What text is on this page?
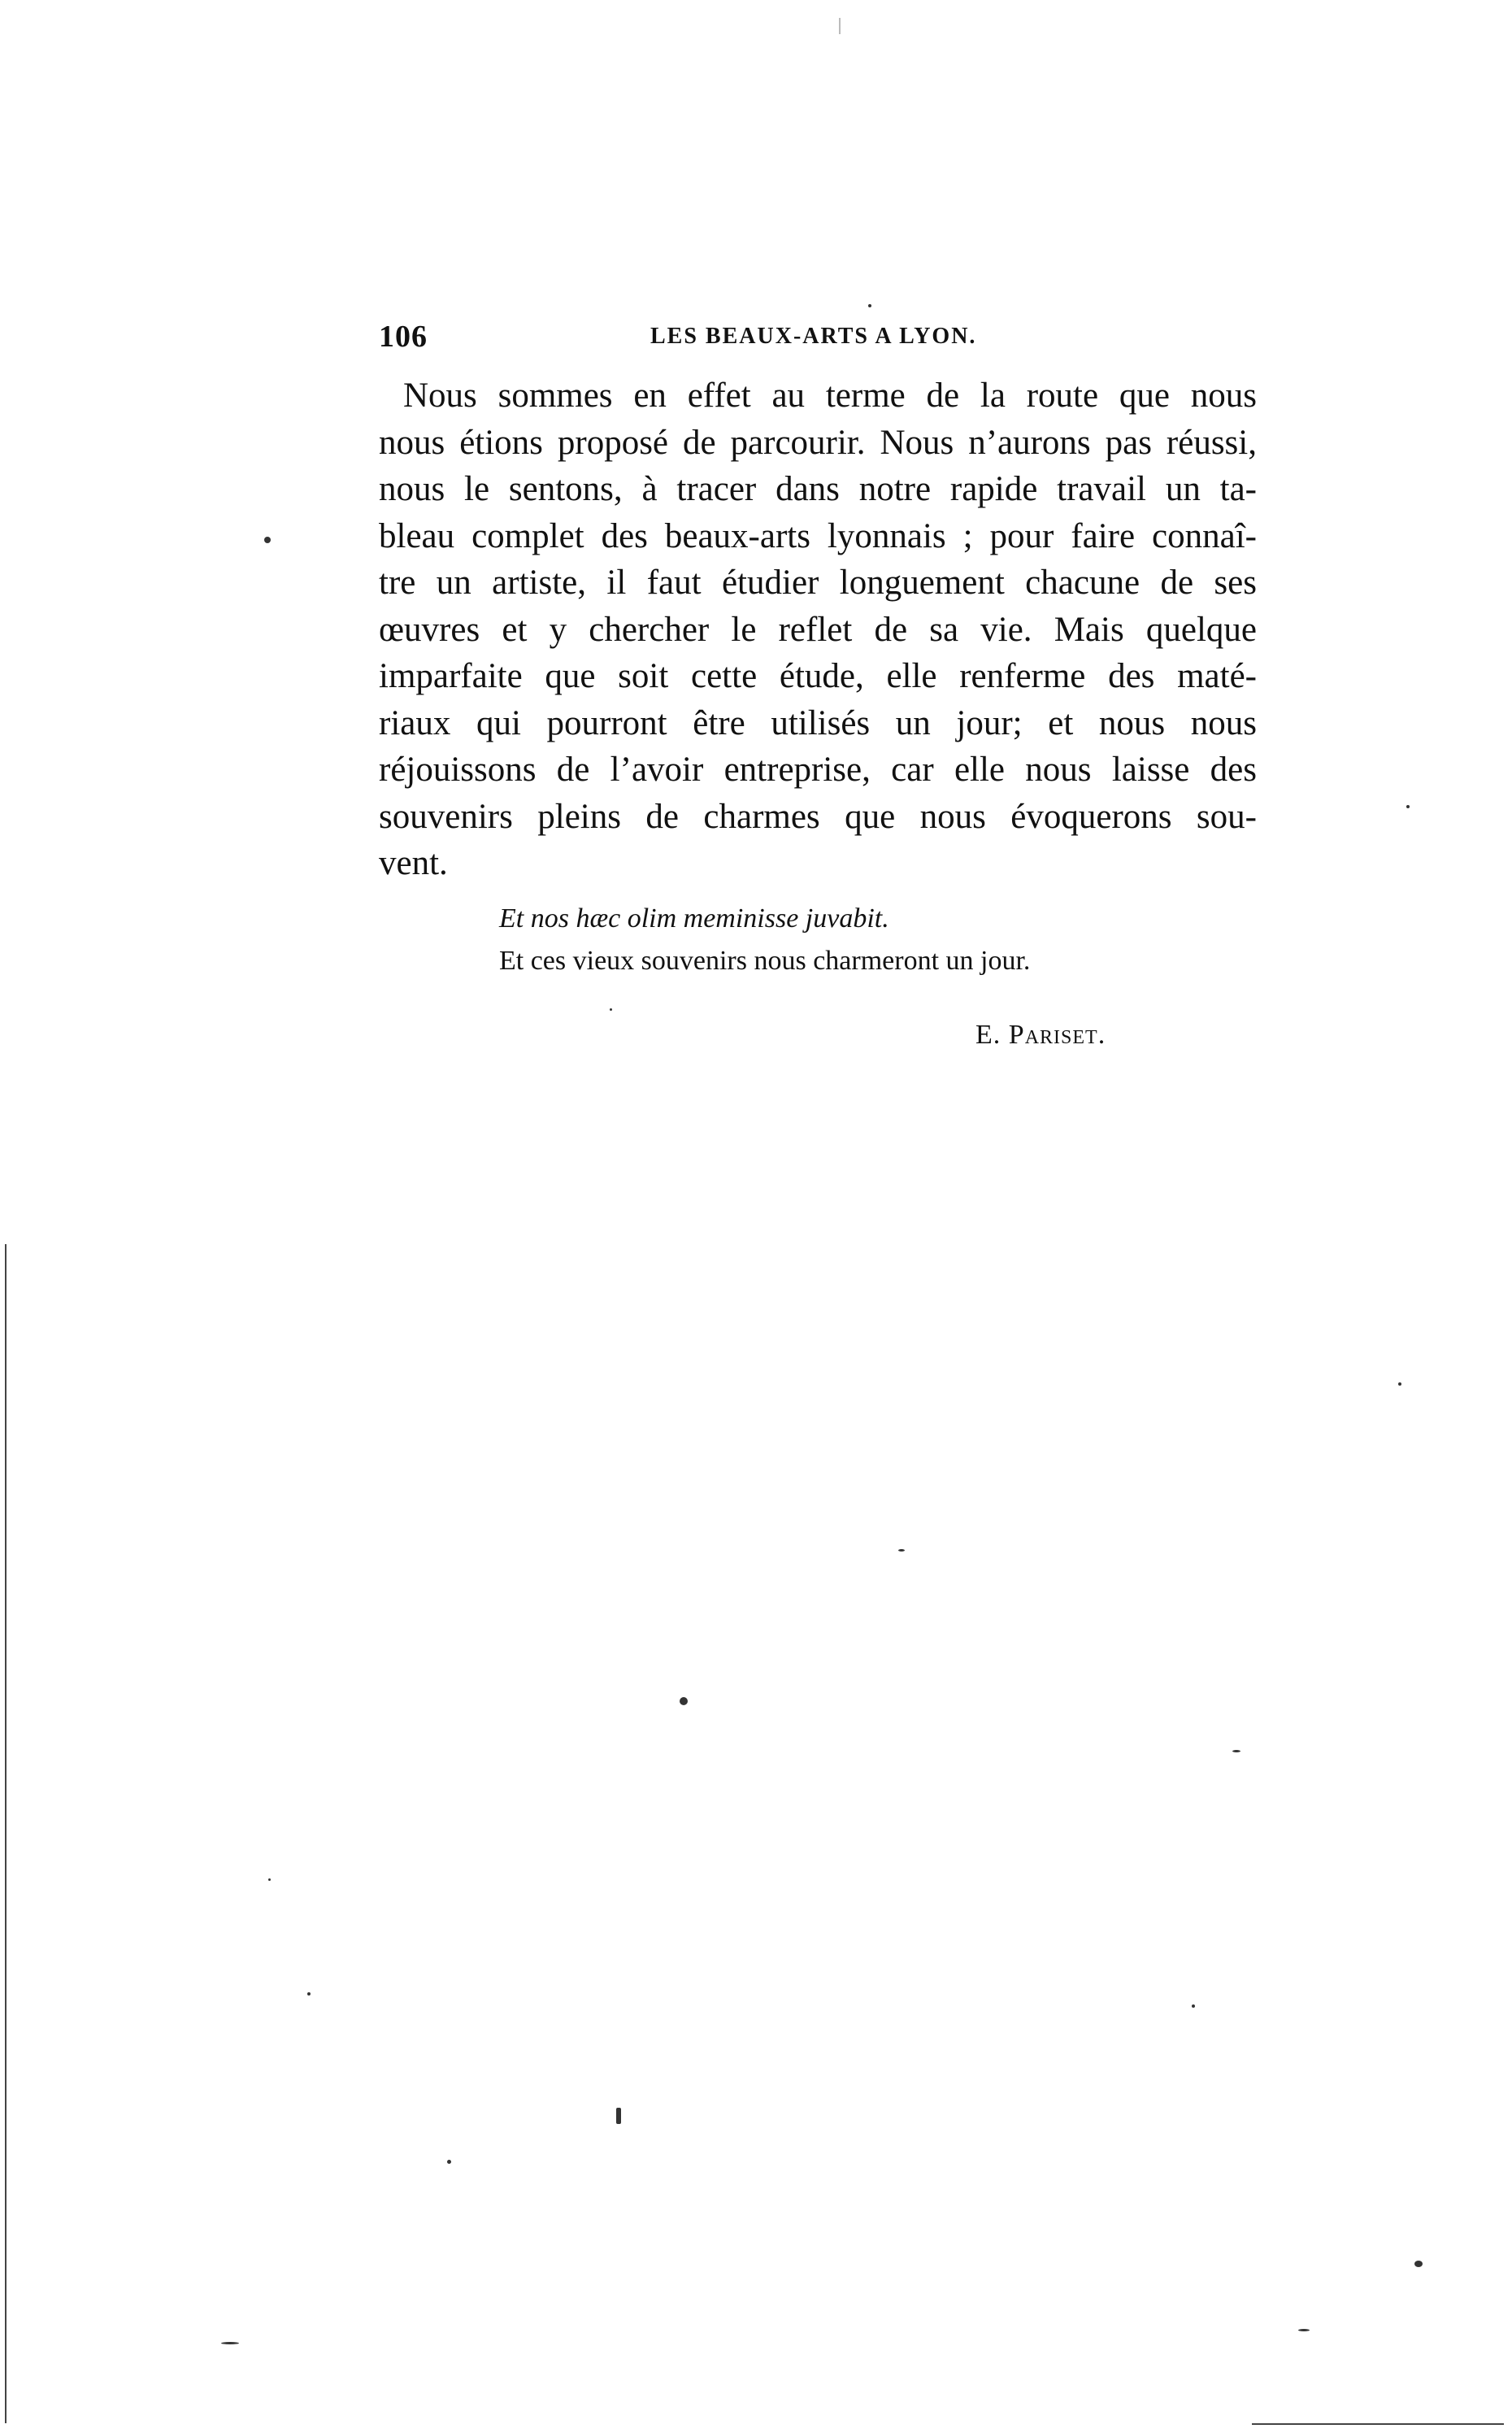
106	LES BEAUX-ARTS A LYON.
Nous sommes en effet au terme de la route que nous
nous étions proposé de parcourir. Nous n’aurons pas réussi,
nous le sentons, à tracer dans notre rapide travail un ta-
bleau complet des beaux-arts lyonnais ; pour faire connaî-
tre un artiste, il faut étudier longuement chacune de ses
œuvres et y chercher le reflet de sa vie. Mais quelque
imparfaite que soit cette étude, elle renferme des maté-
riaux qui pourront être utilisés un jour; et nous nous
réjouissons de l’avoir entreprise, car elle nous laisse des
souvenirs pleins de charmes que nous évoquerons sou-
vent.
Et nos hæc olim meminisse juvabit.
Et ces vieux souvenirs nous charmeront un jour.
E. Pariset.
